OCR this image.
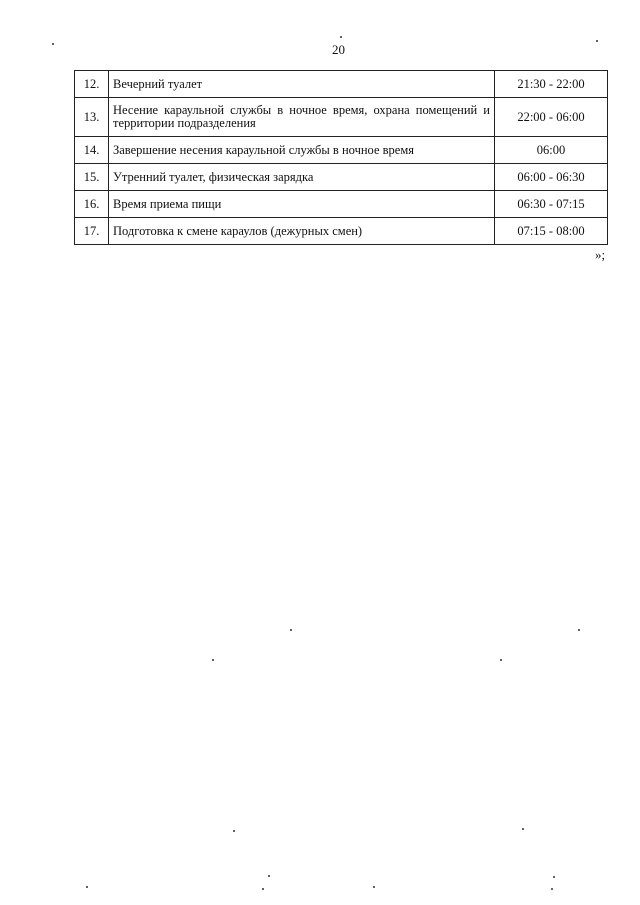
20
12.	Вечерний туалет	21:30 - 22:00
13.	Несение караульной службы в ночное время, охрана помещений и территории подразделения	22:00 - 06:00
14.	Завершение несения караульной службы в ночное время	06:00
15.	Утренний туалет, физическая зарядка	06:00 - 06:30
16.	Время приема пищи	06:30 - 07:15
17.	Подготовка к смене караулов (дежурных смен)	07:15 - 08:00
»;
